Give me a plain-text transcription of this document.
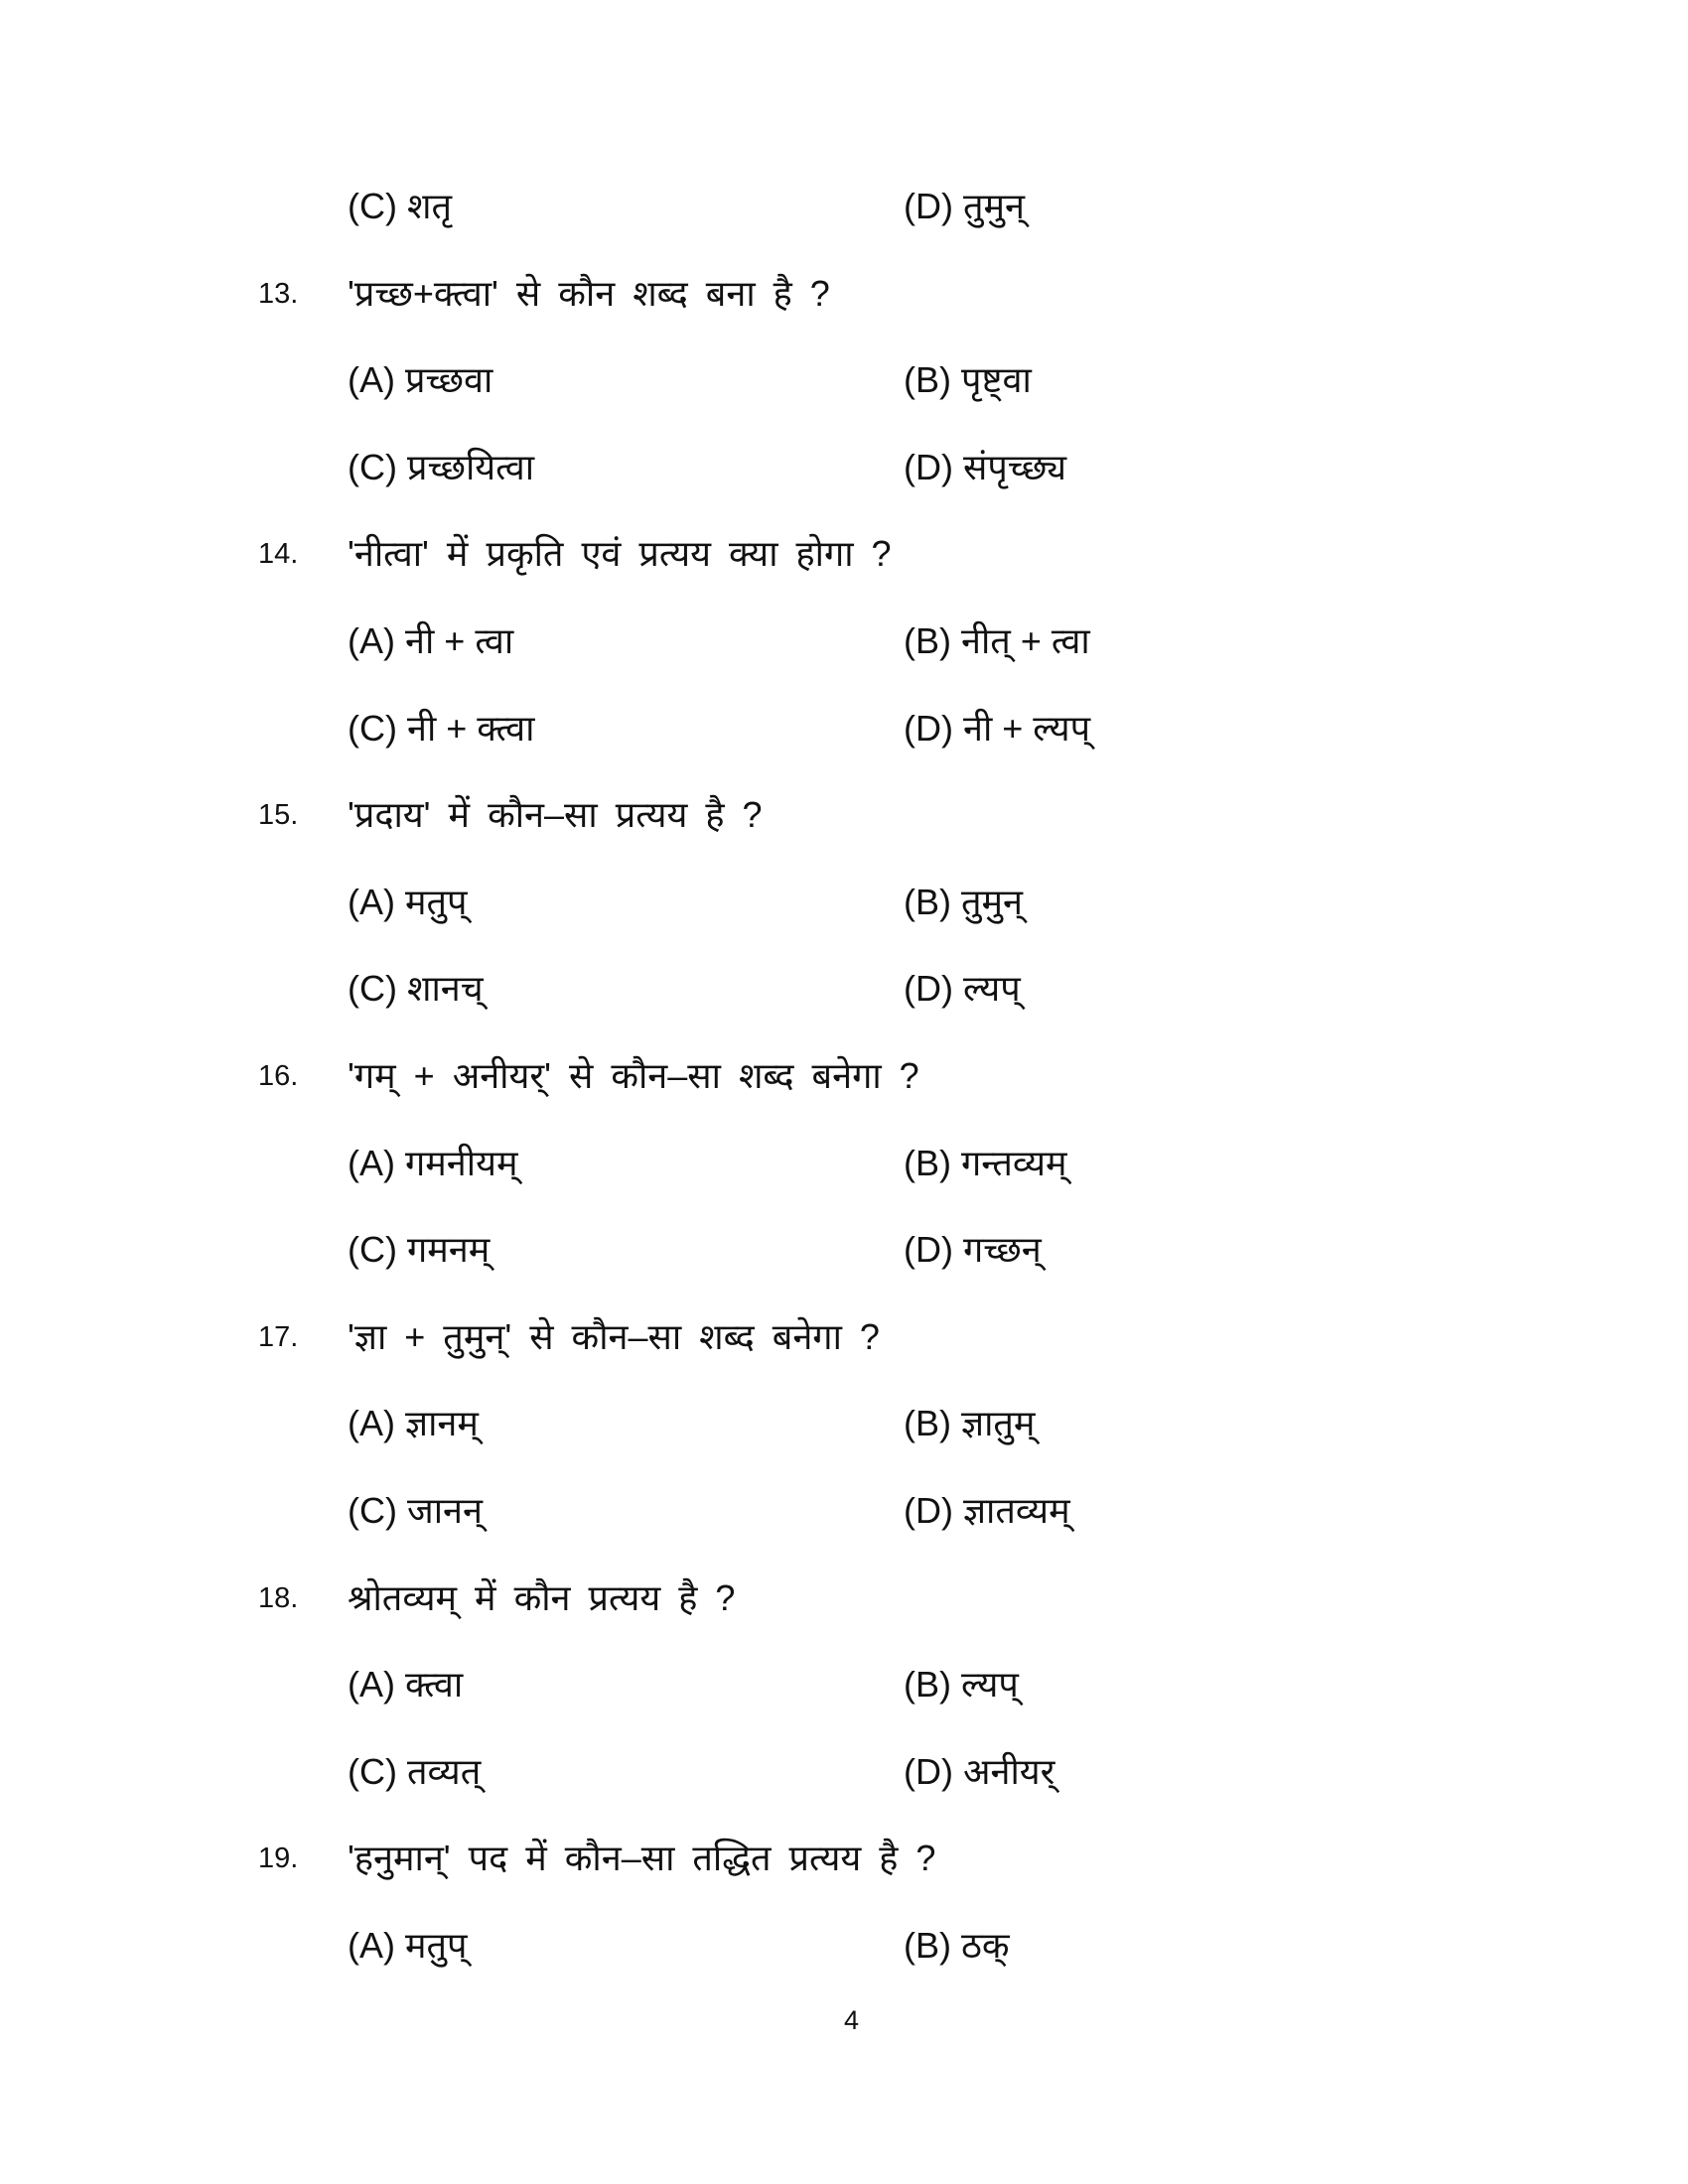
(C) शतृ	(D) तुमुन्
13. 'प्रच्छ+क्त्वा' से कौन शब्द बना है ?
(A) प्रच्छवा	(B) पृष्ट्वा
(C) प्रच्छयित्वा	(D) संपृच्छ्य
14. 'नीत्वा' में प्रकृति एवं प्रत्यय क्या होगा ?
(A) नी + त्वा	(B) नीत् + त्वा
(C) नी + क्त्वा	(D) नी + ल्यप्
15. 'प्रदाय' में कौन–सा प्रत्यय है ?
(A) मतुप्	(B) तुमुन्
(C) शानच्	(D) ल्यप्
16. 'गम् + अनीयर्' से कौन–सा शब्द बनेगा ?
(A) गमनीयम्	(B) गन्तव्यम्
(C) गमनम्	(D) गच्छन्
17. 'ज्ञा + तुमुन्' से कौन–सा शब्द बनेगा ?
(A) ज्ञानम्	(B) ज्ञातुम्
(C) जानन्	(D) ज्ञातव्यम्
18. श्रोतव्यम् में कौन प्रत्यय है ?
(A) क्त्वा	(B) ल्यप्
(C) तव्यत्	(D) अनीयर्
19. 'हनुमान्' पद में कौन–सा तद्धित प्रत्यय है ?
(A) मतुप्	(B) ठक्
4
